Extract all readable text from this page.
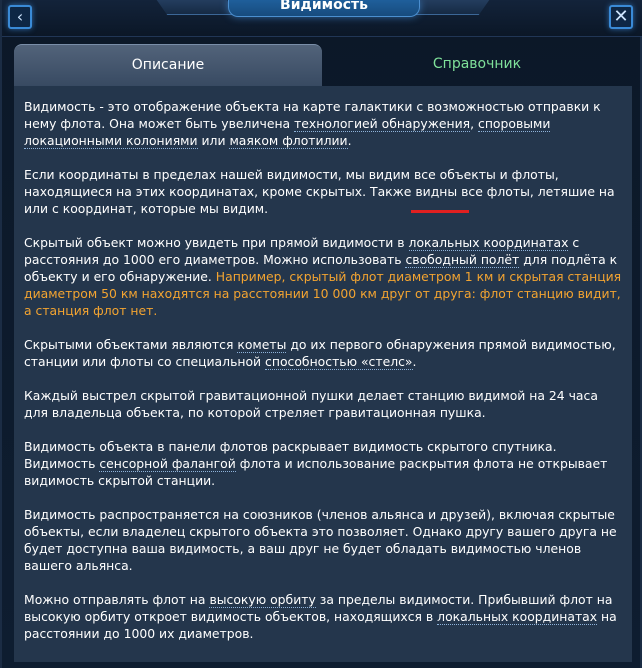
Видимость
‹	✕
Описание	Справочник

Видимость - это отображение объекта на карте галактики с возможностью отправки к нему флота. Она может быть увеличена технологией обнаружения, споровыми локационными колониями или маяком флотилии.

Если координаты в пределах нашей видимости, мы видим все объекты и флоты, находящиеся на этих координатах, кроме скрытых. Также видны все флоты, летяшие на или с координат, которые мы видим.

Скрытый объект можно увидеть при прямой видимости в локальных координатах с расстояния до 1000 его диаметров. Можно использовать свободный полёт для подлёта к объекту и его обнаружение. Например, скрытый флот диаметром 1 км и скрытая станция диаметром 50 км находятся на расстоянии 10 000 км друг от друга: флот станцию видит, а станция флот нет.

Скрытыми объектами являются кометы до их первого обнаружения прямой видимостью, станции или флоты со специальной способностью «стелс».

Каждый выстрел скрытой гравитационной пушки делает станцию видимой на 24 часа для владельца объекта, по которой стреляет гравитационная пушка.

Видимость объекта в панели флотов раскрывает видимость скрытого спутника. Видимость сенсорной фалангой флота и использование раскрытия флота не открывает видимость скрытой станции.

Видимость распространяется на союзников (членов альянса и друзей), включая скрытые объекты, если владелец скрытого объекта это позволяет. Однако другу вашего друга не будет доступна ваша видимость, а ваш друг не будет обладать видимостью членов вашего альянса.

Можно отправлять флот на высокую орбиту за пределы видимости. Прибывший флот на высокую орбиту откроет видимость объектов, находящихся в локальных координатах на расстоянии до 1000 их диаметров.
